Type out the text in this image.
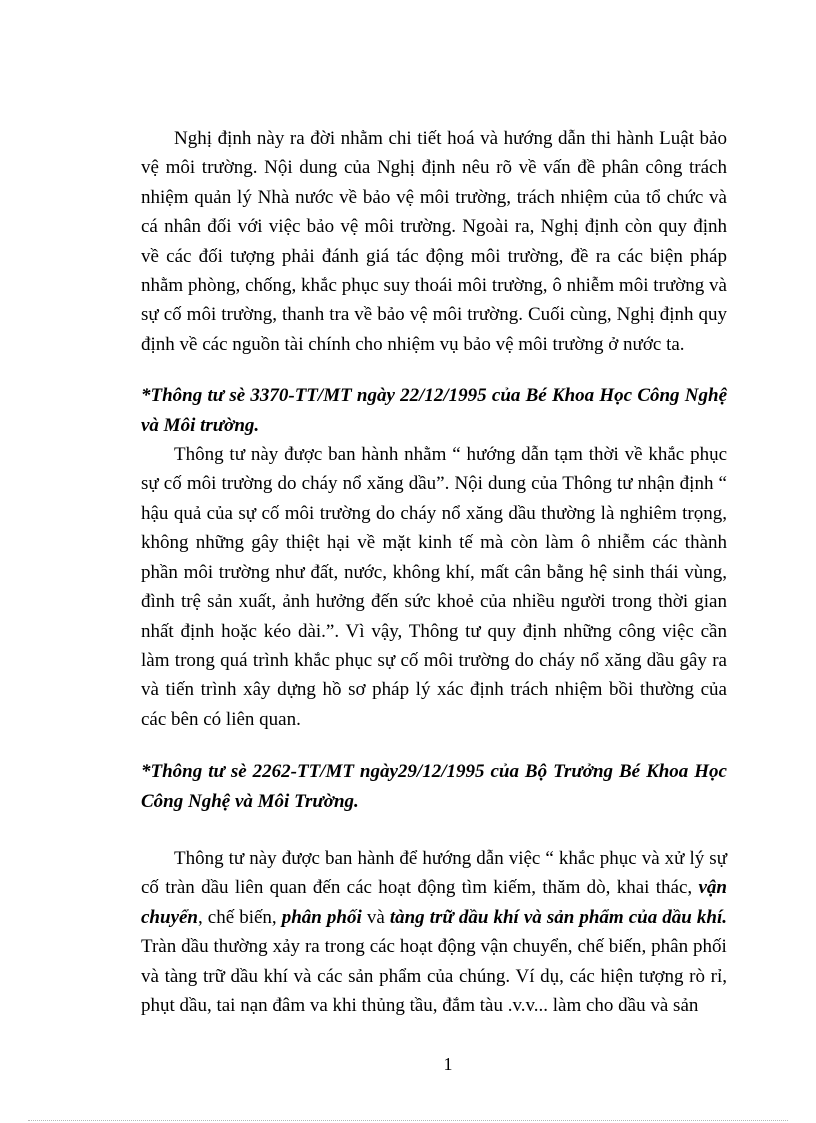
Nghị định này ra đời nhằm chi tiết hoá và hướng dẫn thi hành Luật bảo vệ môi trường. Nội dung của Nghị định nêu rõ về vấn đề phân công trách nhiệm quản lý Nhà nước về bảo vệ môi trường, trách nhiệm của tổ chức và cá nhân đối với việc bảo vệ môi trường. Ngoài ra, Nghị định còn quy định về các đối tượng phải đánh giá tác động môi trường, đề ra các biện pháp nhằm phòng, chống, khắc phục suy thoái môi trường, ô nhiễm môi trường và sự cố môi trường, thanh tra về bảo vệ môi trường. Cuối cùng, Nghị định quy định về các nguồn tài chính cho nhiệm vụ bảo vệ môi trường ở nước ta.

*Thông tư sè 3370-TT/MT ngày 22/12/1995 của Bé Khoa Học Công Nghệ và Môi trường.

Thông tư này được ban hành nhằm “ hướng dẫn tạm thời về khắc phục sự cố môi trường do cháy nổ xăng dầu”. Nội dung của Thông tư nhận định “ hậu quả của sự cố môi trường do cháy nổ xăng dầu thường là nghiêm trọng, không những gây thiệt hại về mặt kinh tế mà còn làm ô nhiễm các thành phần môi trường như đất, nước, không khí, mất cân bằng hệ sinh thái vùng, đình trệ sản xuất, ảnh hưởng đến sức khoẻ của nhiều người trong thời gian nhất định hoặc kéo dài.”. Vì vậy, Thông tư quy định những công việc cần làm trong quá trình khắc phục sự cố môi trường do cháy nổ xăng dầu gây ra và tiến trình xây dựng hồ sơ pháp lý xác định trách nhiệm bồi thường của các bên có liên quan.

*Thông tư sè 2262-TT/MT ngày29/12/1995 của Bộ Trưởng Bé Khoa Học Công Nghệ và Môi Trường.

Thông tư này được ban hành để hướng dẫn việc “ khắc phục và xử lý sự cố tràn dầu liên quan đến các hoạt động tìm kiếm, thăm dò, khai thác, vận chuyển, chế biến, phân phối và tàng trữ dầu khí và sản phẩm của dầu khí. Tràn dầu thường xảy ra trong các hoạt động vận chuyển, chế biến, phân phối và tàng trữ dầu khí và các sản phẩm của chúng. Ví dụ, các hiện tượng rò rỉ, phụt dầu, tai nạn đâm va khi thủng tầu, đắm tàu .v.v... làm cho dầu và sản

1
